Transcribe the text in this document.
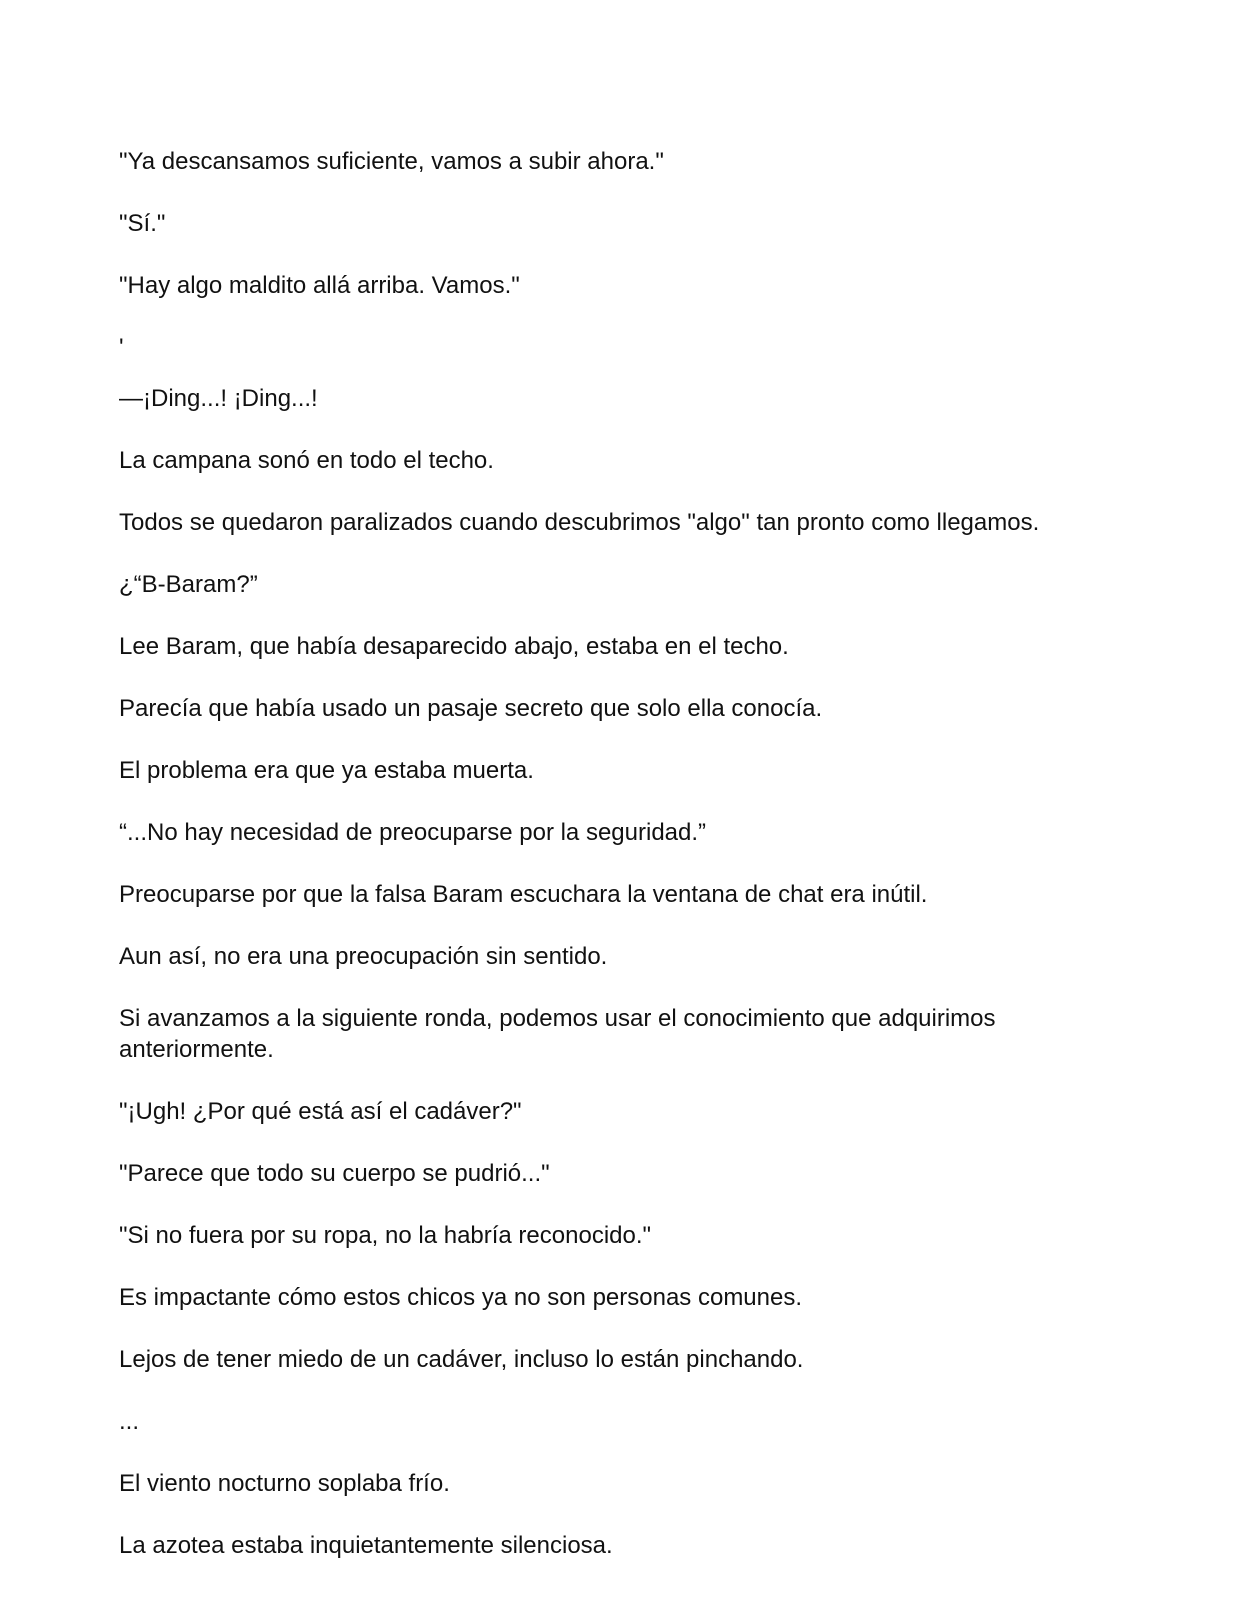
"Ya descansamos suficiente, vamos a subir ahora."

"Sí."

"Hay algo maldito allá arriba. Vamos."

'

—¡Ding...! ¡Ding...!

La campana sonó en todo el techo.

Todos se quedaron paralizados cuando descubrimos "algo" tan pronto como llegamos.

¿“B-Baram?”

Lee Baram, que había desaparecido abajo, estaba en el techo.

Parecía que había usado un pasaje secreto que solo ella conocía.

El problema era que ya estaba muerta.

“...No hay necesidad de preocuparse por la seguridad.”

Preocuparse por que la falsa Baram escuchara la ventana de chat era inútil.

Aun así, no era una preocupación sin sentido.

Si avanzamos a la siguiente ronda, podemos usar el conocimiento que adquirimos anteriormente.

"¡Ugh! ¿Por qué está así el cadáver?"

"Parece que todo su cuerpo se pudrió..."

"Si no fuera por su ropa, no la habría reconocido."

Es impactante cómo estos chicos ya no son personas comunes.

Lejos de tener miedo de un cadáver, incluso lo están pinchando.

...

El viento nocturno soplaba frío.

La azotea estaba inquietantemente silenciosa.
